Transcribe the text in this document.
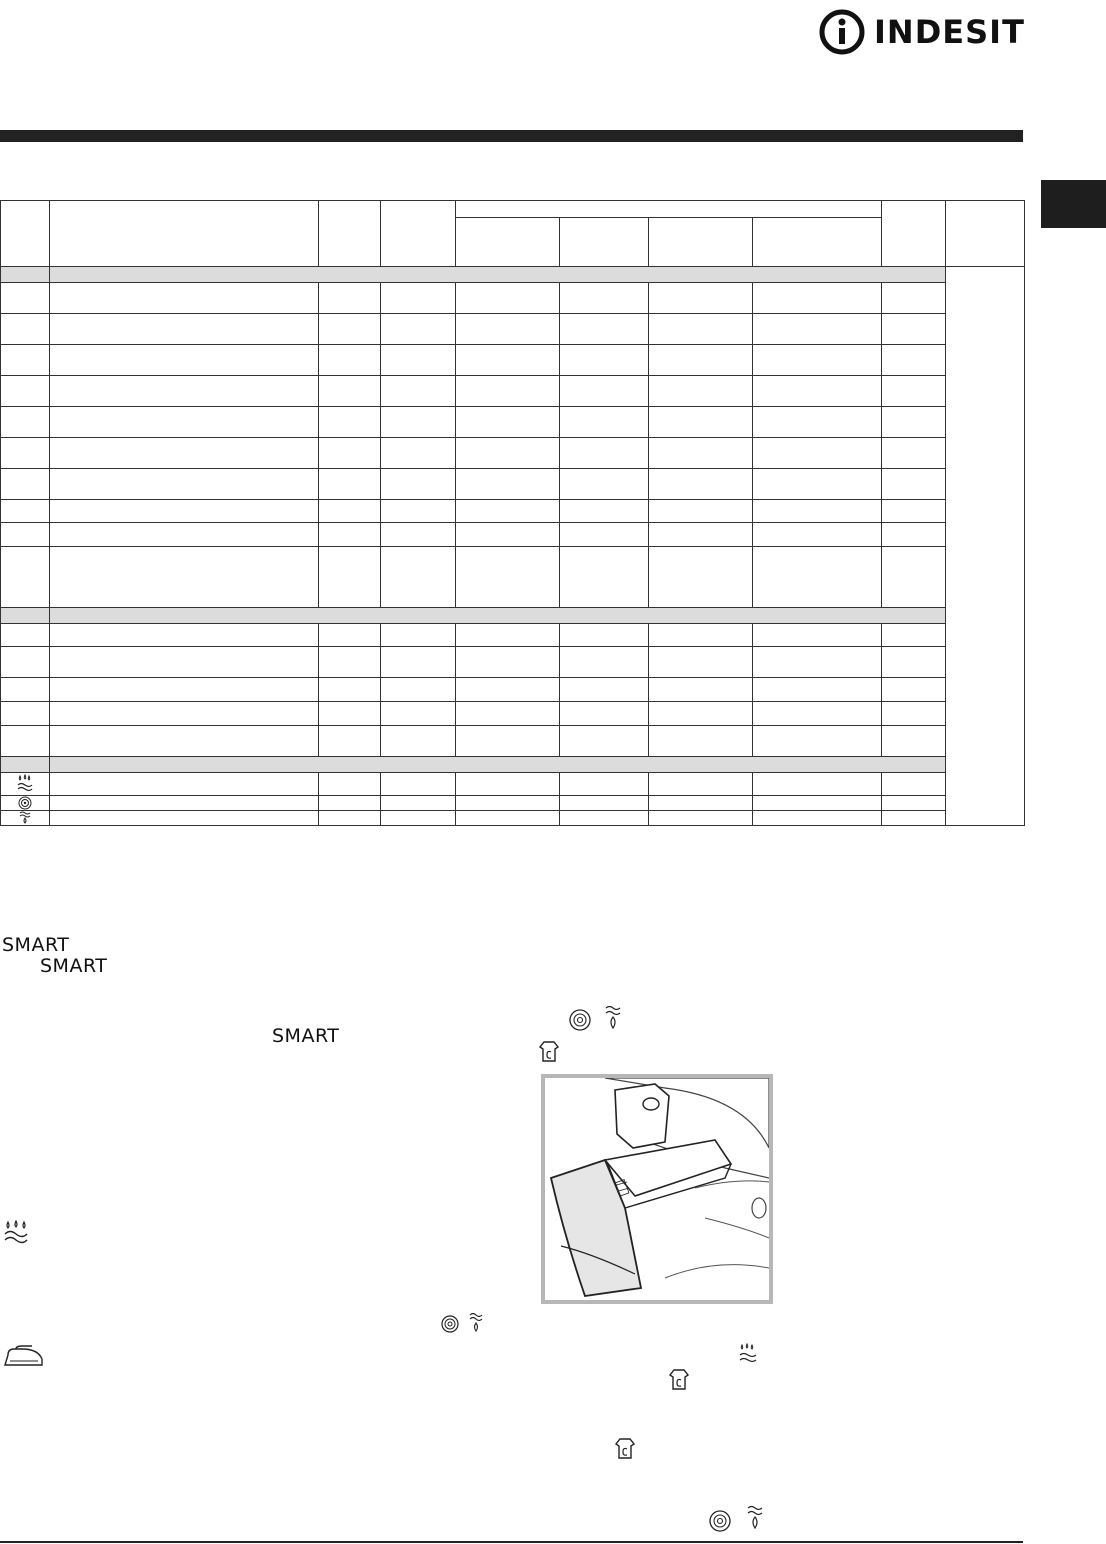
INDESIT

SMART
SMART
SMART
